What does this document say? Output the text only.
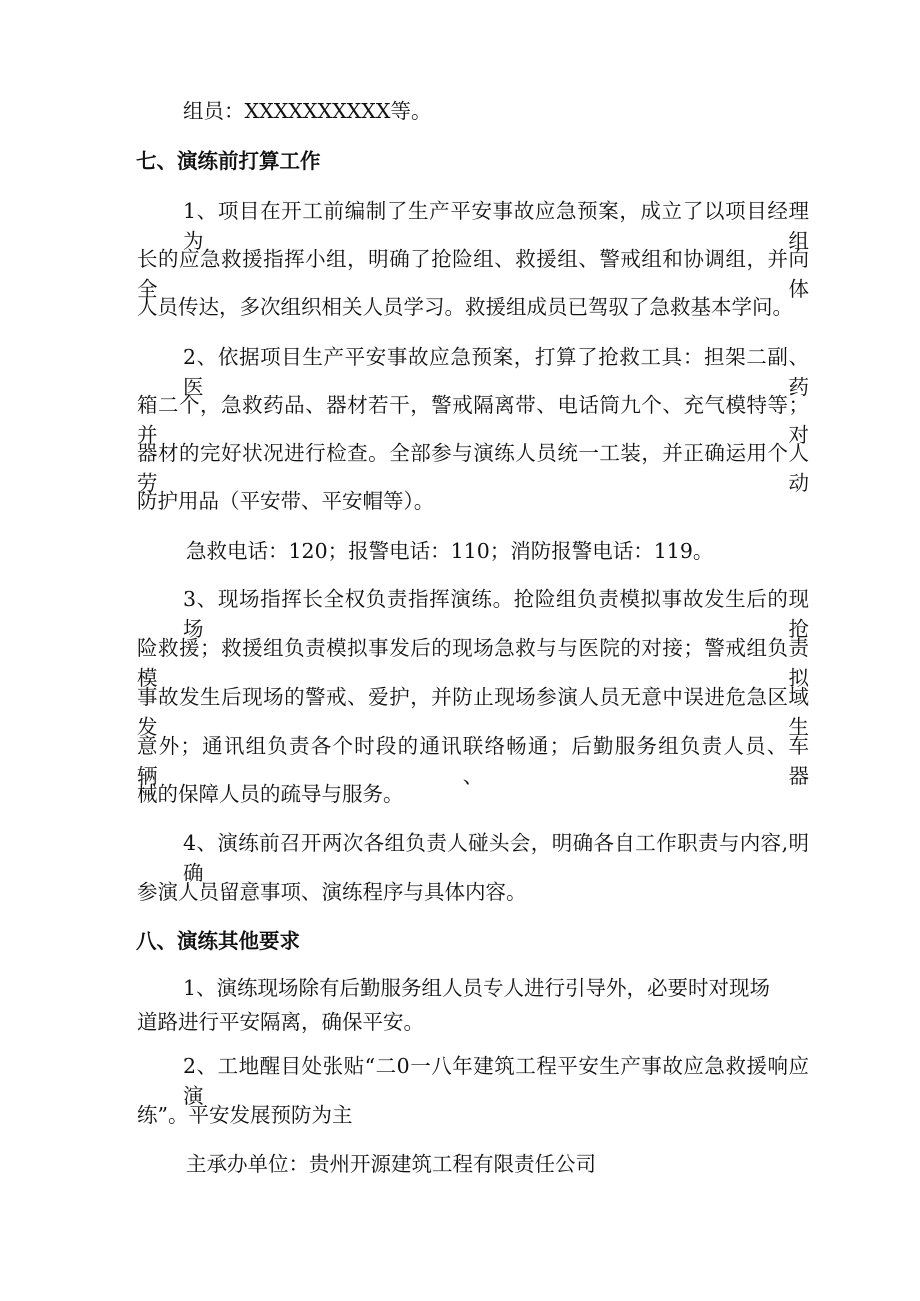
组员：XXXXXXXXXX等。
七、演练前打算工作
1、项目在开工前编制了生产平安事故应急预案，成立了以项目经理为组
长的应急救援指挥小组，明确了抢险组、救援组、警戒组和协调组，并向全体
人员传达，多次组织相关人员学习。救援组成员已驾驭了急救基本学问。
2、依据项目生产平安事故应急预案，打算了抢救工具：担架二副、医药
箱二个，急救药品、器材若干，警戒隔离带、电话筒九个、充气模特等；并对
器材的完好状况进行检查。全部参与演练人员统一工装，并正确运用个人劳动
防护用品（平安带、平安帽等）。
急救电话：120；报警电话：110；消防报警电话：119。
3、现场指挥长全权负责指挥演练。抢险组负责模拟事故发生后的现场抢
险救援；救援组负责模拟事发后的现场急救与与医院的对接；警戒组负责模拟
事故发生后现场的警戒、爱护，并防止现场参演人员无意中误进危急区域发生
意外；通讯组负责各个时段的通讯联络畅通；后勤服务组负责人员、车辆、器
械的保障人员的疏导与服务。
4、演练前召开两次各组负责人碰头会，明确各自工作职责与内容,明确
参演人员留意事项、演练程序与具体内容。
八、演练其他要求
1、演练现场除有后勤服务组人员专人进行引导外，必要时对现场
道路进行平安隔离，确保平安。
2、工地醒目处张贴“二0一八年建筑工程平安生产事故应急救援响应演
练”。平安发展预防为主
主承办单位：贵州开源建筑工程有限责任公司
